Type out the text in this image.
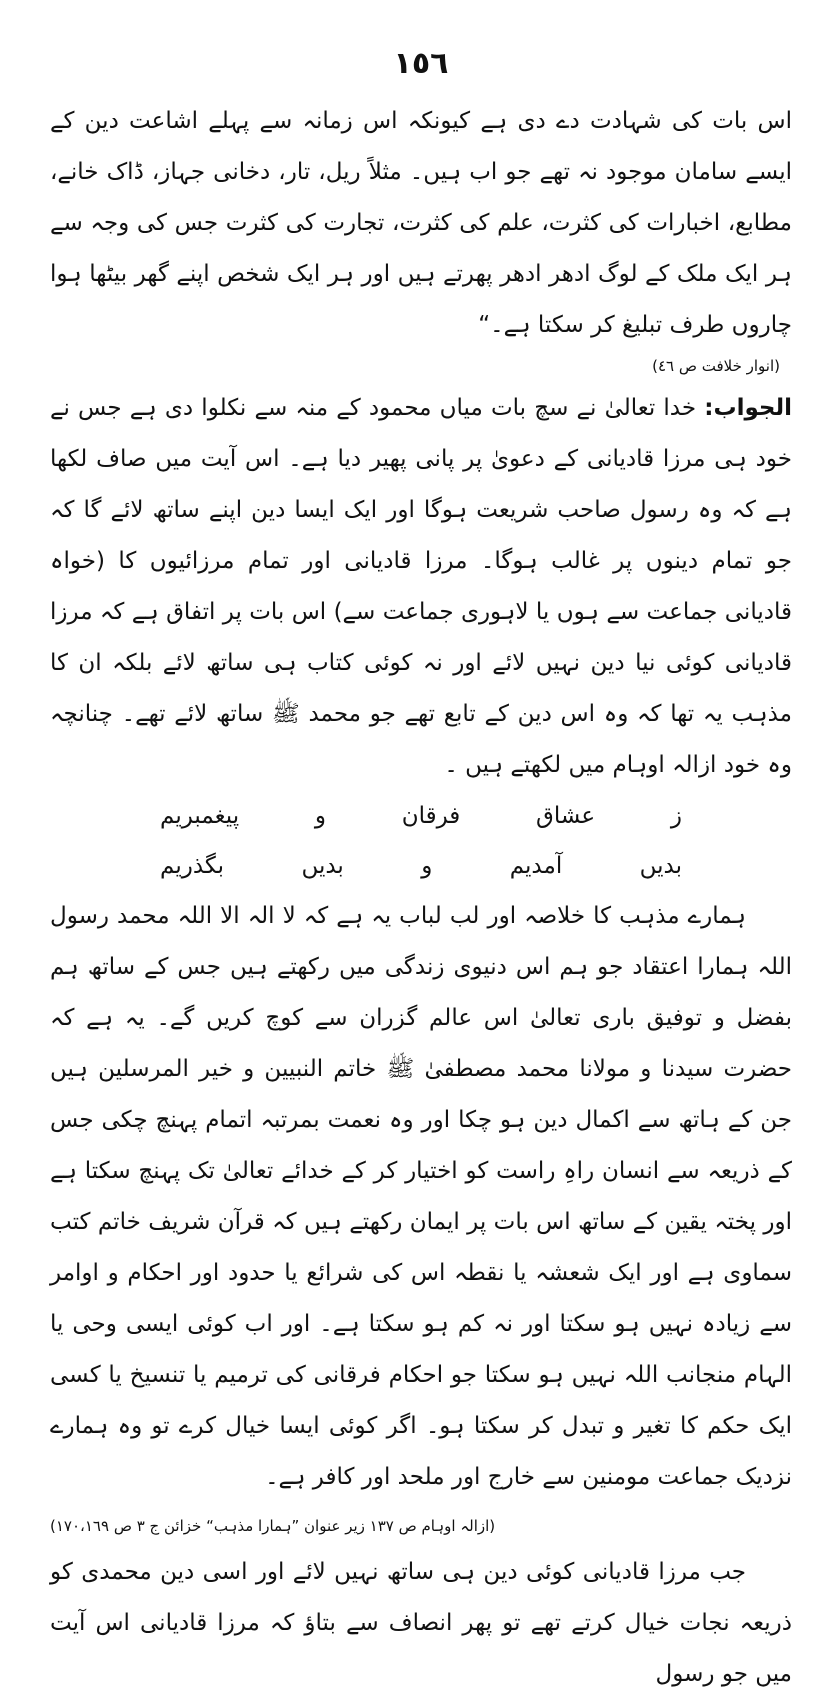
١٥٦

اس بات کی شہادت دے دی ہے کیونکہ اس زمانہ سے پہلے اشاعت دین کے ایسے سامان موجود نہ تھے جو اب ہیں۔ مثلاً ریل، تار، دخانی جہاز، ڈاک خانے، مطابع، اخبارات کی کثرت، علم کی کثرت، تجارت کی کثرت جس کی وجہ سے ہر ایک ملک کے لوگ ادھر ادھر پھرتے ہیں اور ہر ایک شخص اپنے گھر بیٹھا ہوا چاروں طرف تبلیغ کر سکتا ہے۔“

(انوار خلافت ص ٤٦)

الجواب: خدا تعالیٰ نے سچ بات میاں محمود کے منہ سے نکلوا دی ہے جس نے خود ہی مرزا قادیانی کے دعویٰ پر پانی پھیر دیا ہے۔ اس آیت میں صاف لکھا ہے کہ وہ رسول صاحب شریعت ہوگا اور ایک ایسا دین اپنے ساتھ لائے گا کہ جو تمام دینوں پر غالب ہوگا۔ مرزا قادیانی اور تمام مرزائیوں کا (خواہ قادیانی جماعت سے ہوں یا لاہوری جماعت سے) اس بات پر اتفاق ہے کہ مرزا قادیانی کوئی نیا دین نہیں لائے اور نہ کوئی کتاب ہی ساتھ لائے بلکہ ان کا مذہب یہ تھا کہ وہ اس دین کے تابع تھے جو محمد ﷺ ساتھ لائے تھے۔ چنانچہ وہ خود ازالہ اوہام میں لکھتے ہیں ۔

ز
عشاق
فرقان
و
پیغمبریم
بدیں
آمدیم
و
بدیں
بگذریم

ہمارے مذہب کا خلاصہ اور لب لباب یہ ہے کہ لا الہ الا اللہ محمد رسول اللہ ہمارا اعتقاد جو ہم اس دنیوی زندگی میں رکھتے ہیں جس کے ساتھ ہم بفضل و توفیق باری تعالیٰ اس عالم گزران سے کوچ کریں گے۔ یہ ہے کہ حضرت سیدنا و مولانا محمد مصطفیٰ ﷺ خاتم النبیین و خیر المرسلین ہیں جن کے ہاتھ سے اکمال دین ہو چکا اور وہ نعمت بمرتبہ اتمام پہنچ چکی جس کے ذریعہ سے انسان راہِ راست کو اختیار کر کے خدائے تعالیٰ تک پہنچ سکتا ہے اور پختہ یقین کے ساتھ اس بات پر ایمان رکھتے ہیں کہ قرآن شریف خاتم کتب سماوی ہے اور ایک شعشہ یا نقطہ اس کی شرائع یا حدود اور احکام و اوامر سے زیادہ نہیں ہو سکتا اور نہ کم ہو سکتا ہے۔ اور اب کوئی ایسی وحی یا الہام منجانب اللہ نہیں ہو سکتا جو احکام فرقانی کی ترمیم یا تنسیخ یا کسی ایک حکم کا تغیر و تبدل کر سکتا ہو۔ اگر کوئی ایسا خیال کرے تو وہ ہمارے نزدیک جماعت مومنین سے خارج اور ملحد اور کافر ہے۔

(ازالہ اوہام ص ١٣٧ زیر عنوان ”ہمارا مذہب“ خزائن ج ٣ ص ١٧٠،١٦٩)

جب مرزا قادیانی کوئی دین ہی ساتھ نہیں لائے اور اسی دین محمدی کو ذریعہ نجات خیال کرتے تھے تو پھر انصاف سے بتاؤ کہ مرزا قادیانی اس آیت میں جو رسول
